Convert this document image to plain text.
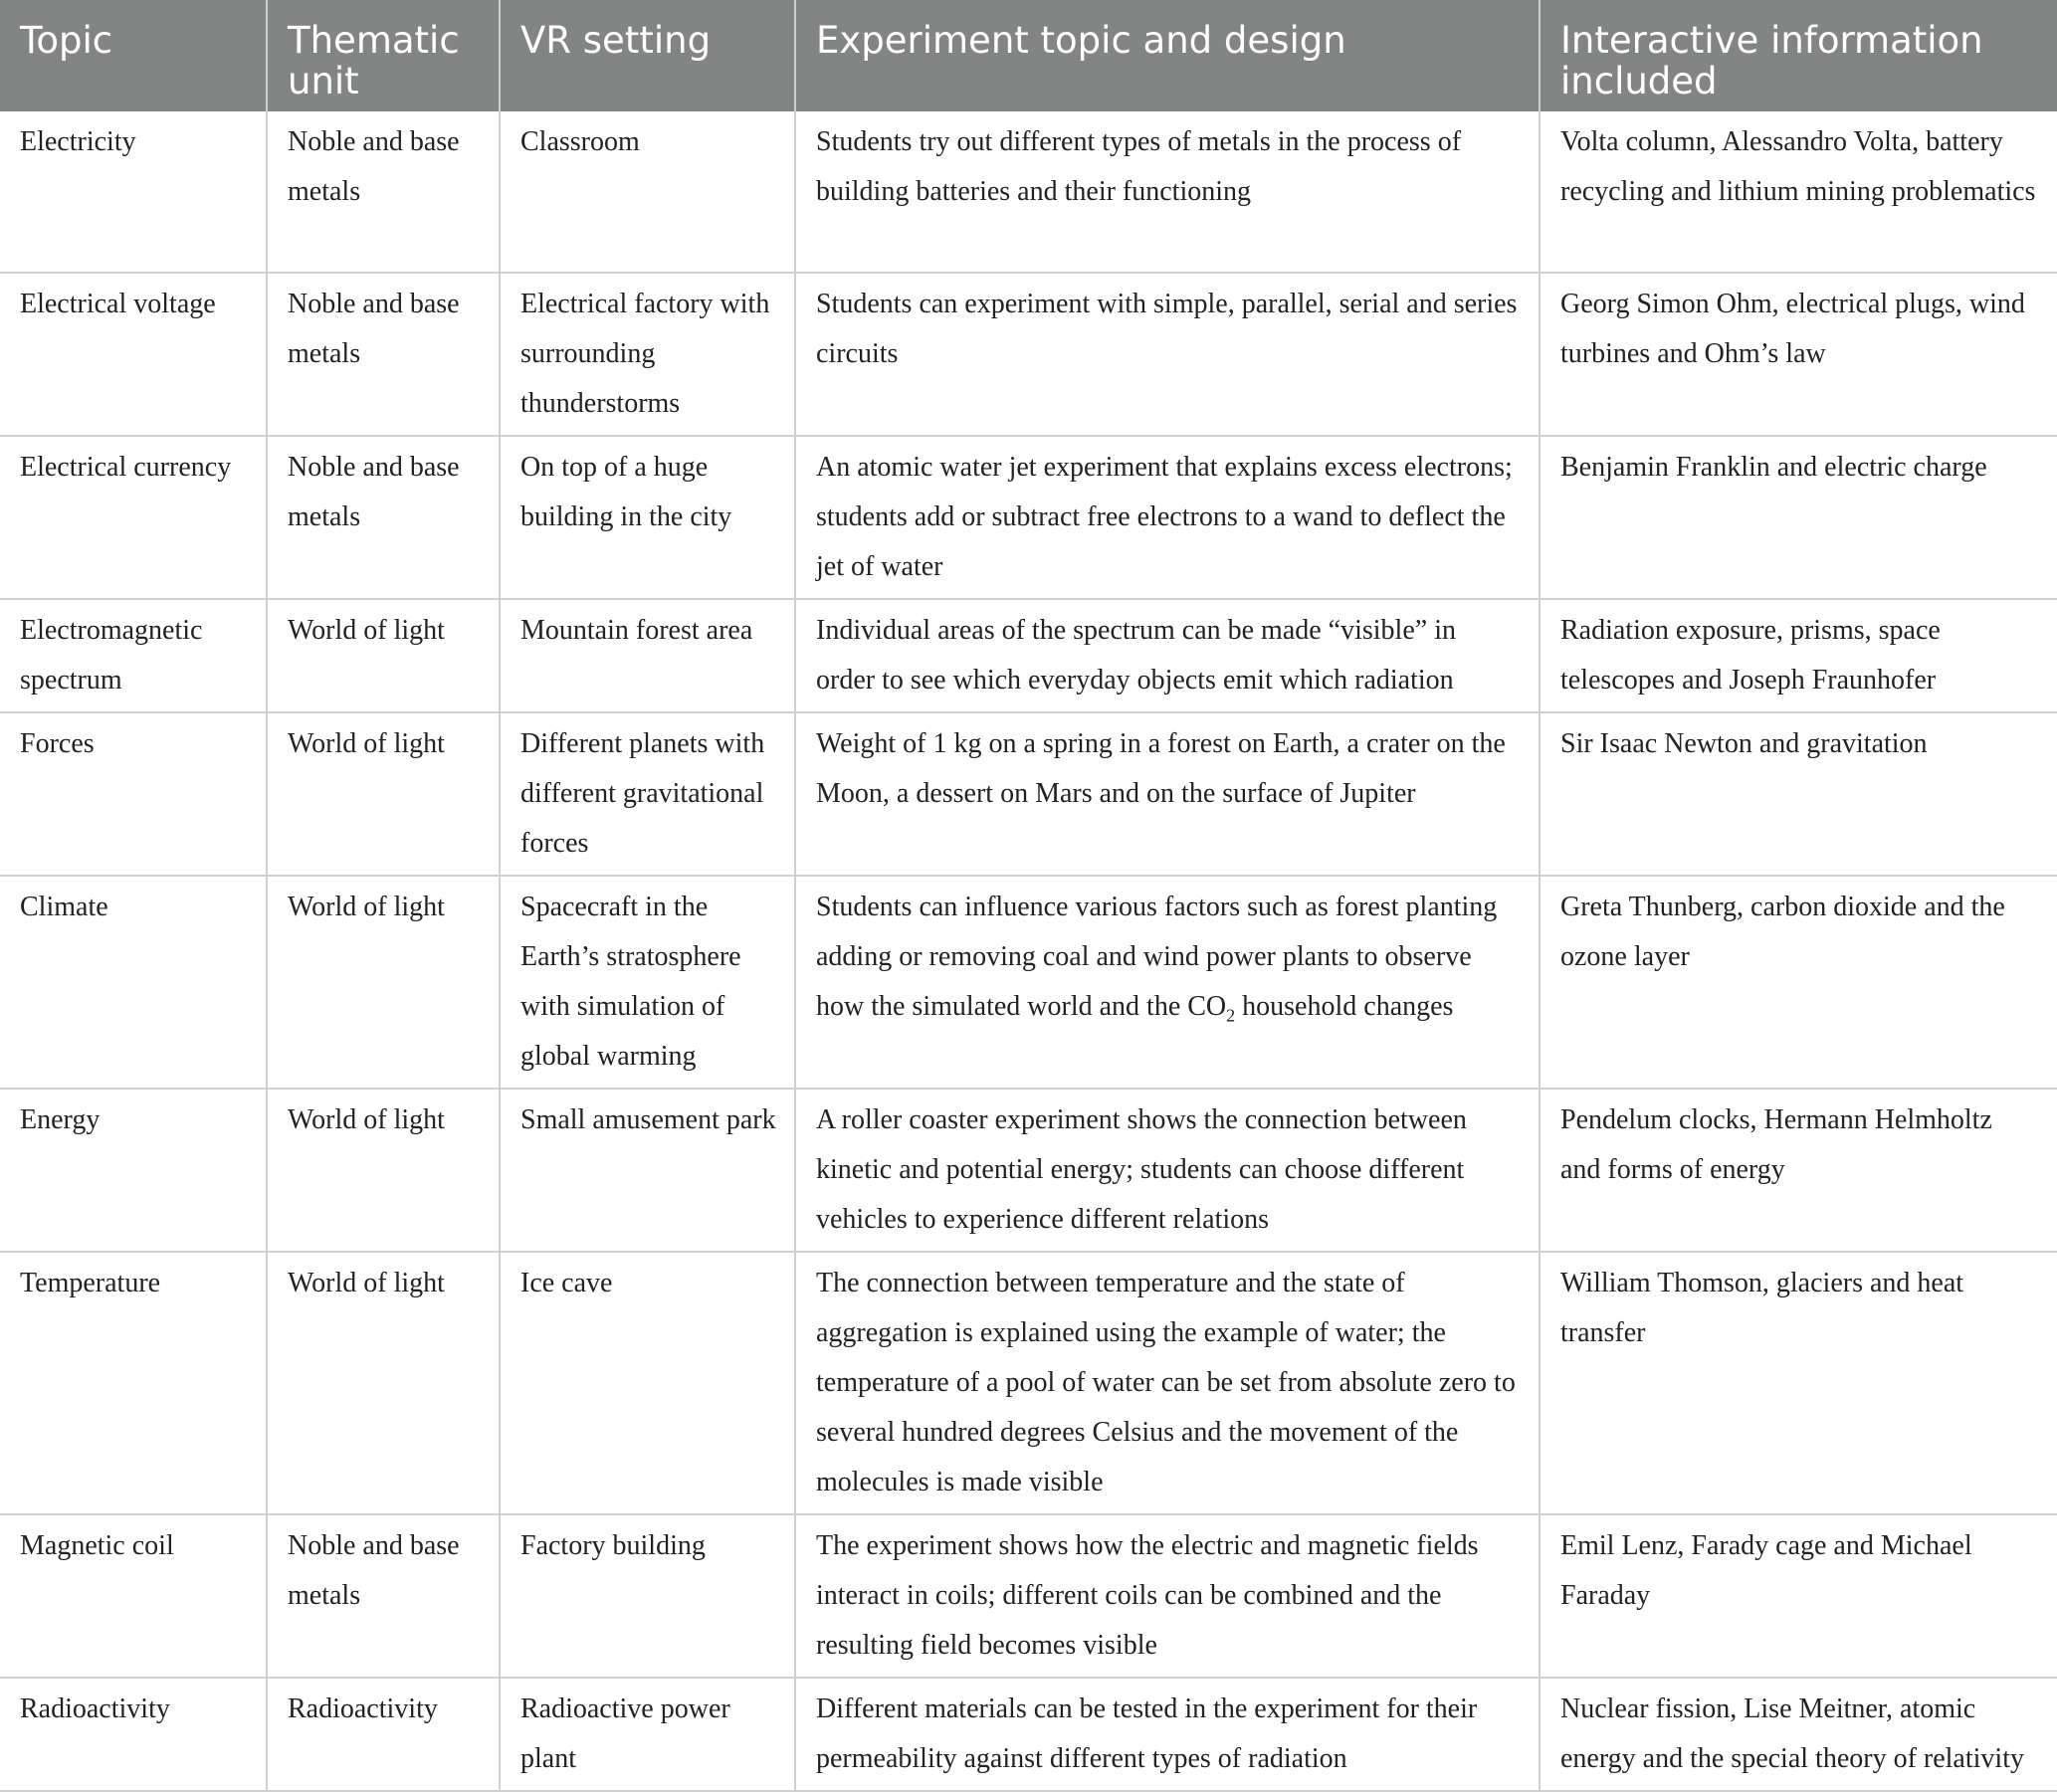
Topic	Thematic unit	VR setting	Experiment topic and design	Interactive information included
Electricity	Noble and base metals	Classroom	Students try out different types of metals in the process of building batteries and their functioning	Volta column, Alessandro Volta, battery recycling and lithium mining problematics
Electrical voltage	Noble and base metals	Electrical factory with surrounding thunderstorms	Students can experiment with simple, parallel, serial and series circuits	Georg Simon Ohm, electrical plugs, wind turbines and Ohm’s law
Electrical currency	Noble and base metals	On top of a huge building in the city	An atomic water jet experiment that explains excess electrons; students add or subtract free electrons to a wand to deflect the jet of water	Benjamin Franklin and electric charge
Electromagnetic spectrum	World of light	Mountain forest area	Individual areas of the spectrum can be made “visible” in order to see which everyday objects emit which radiation	Radiation exposure, prisms, space telescopes and Joseph Fraunhofer
Forces	World of light	Different planets with different gravitational forces	Weight of 1 kg on a spring in a forest on Earth, a crater on the Moon, a dessert on Mars and on the surface of Jupiter	Sir Isaac Newton and gravitation
Climate	World of light	Spacecraft in the Earth’s stratosphere with simulation of global warming	Students can influence various factors such as forest planting adding or removing coal and wind power plants to observe how the simulated world and the $CO_2$ household changes	Greta Thunberg, carbon dioxide and the ozone layer
Energy	World of light	Small amusement park	A roller coaster experiment shows the connection between kinetic and potential energy; students can choose different vehicles to experience different relations	Pendelum clocks, Hermann Helmholtz and forms of energy
Temperature	World of light	Ice cave	The connection between temperature and the state of aggregation is explained using the example of water; the temperature of a pool of water can be set from absolute zero to several hundred degrees Celsius and the movement of the molecules is made visible	William Thomson, glaciers and heat transfer
Magnetic coil	Noble and base metals	Factory building	The experiment shows how the electric and magnetic fields interact in coils; different coils can be combined and the resulting field becomes visible	Emil Lenz, Farady cage and Michael Faraday
Radioactivity	Radioactivity	Radioactive power plant	Different materials can be tested in the experiment for their permeability against different types of radiation	Nuclear fission, Lise Meitner, atomic energy and the special theory of relativity
